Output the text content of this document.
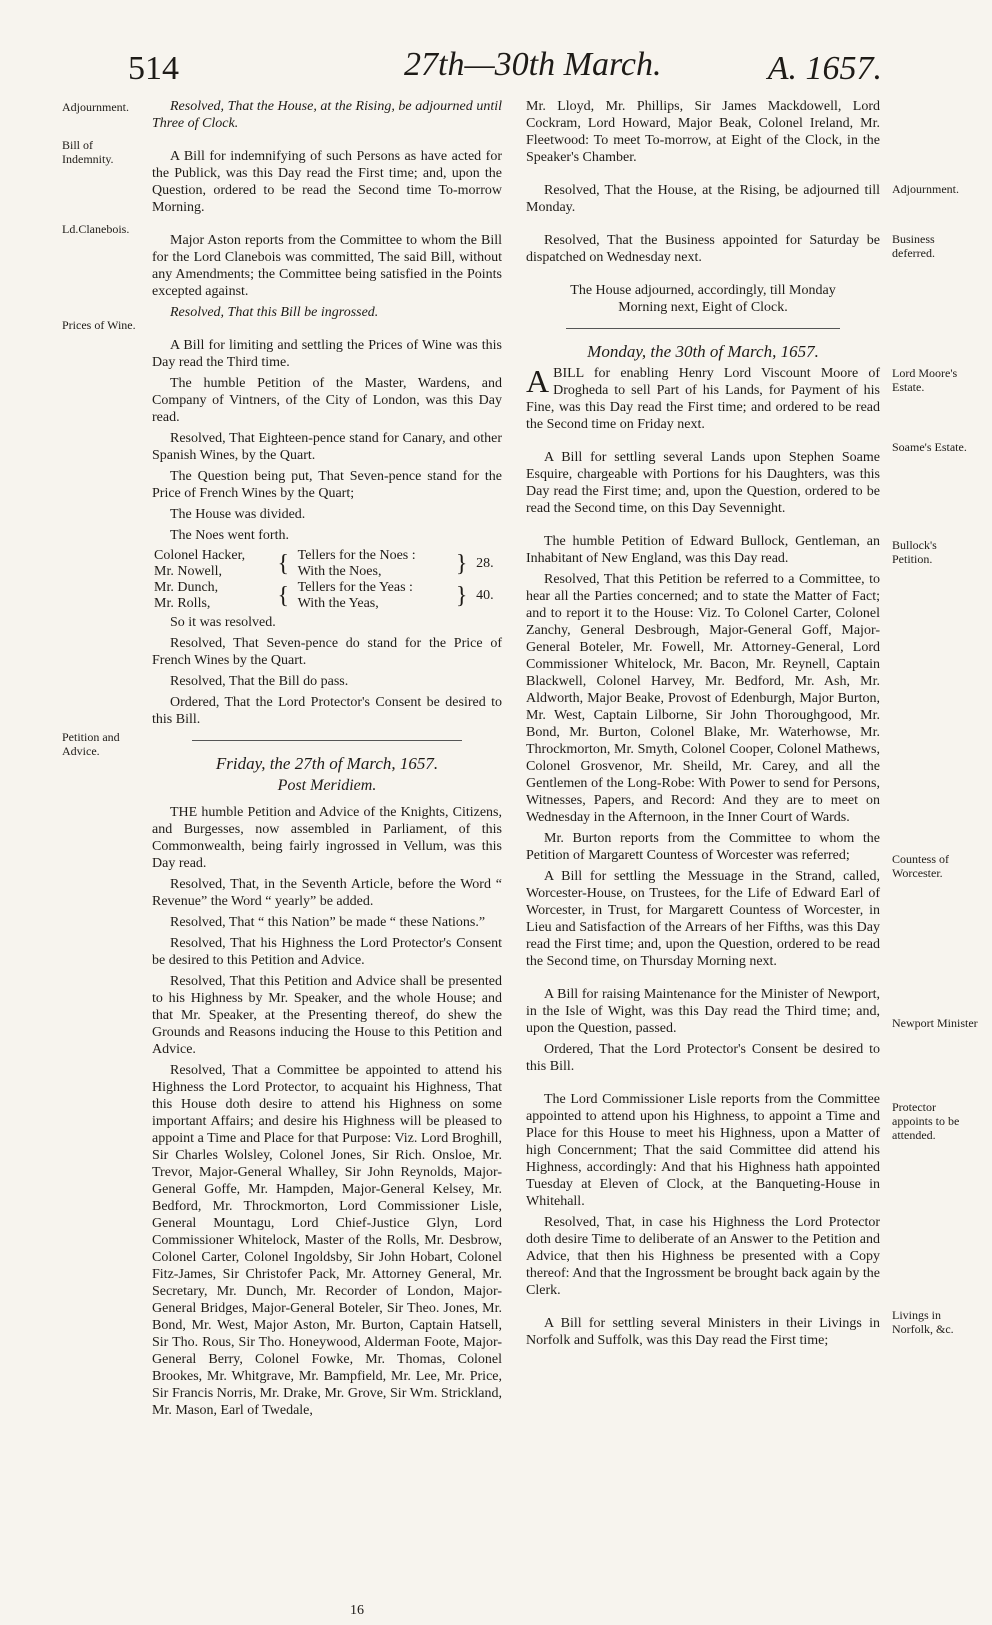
514	27th—30th March.	A. 1657.
Adjournment.
Bill of Indemnity.
Ld.Clanebois.
Prices of Wine.
Petition and Advice.
Adjournment.
Business deferred.
Lord Moore's Estate.
Soame's Estate.
Bullock's Petition.
Countess of Worcester.
Newport Minister
Protector appoints to be attended.
Livings in Norfolk, &c.

Resolved, That the House, at the Rising, be adjourned until Three of Clock.

A Bill for indemnifying of such Persons as have acted for the Publick, was this Day read the First time; and, upon the Question, ordered to be read the Second time To-morrow Morning.

Major Aston reports from the Committee to whom the Bill for the Lord Clanebois was committed, The said Bill, without any Amendments; the Committee being satisfied in the Points excepted against.

Resolved, That this Bill be ingrossed.

A Bill for limiting and settling the Prices of Wine was this Day read the Third time.

The humble Petition of the Master, Wardens, and Company of Vintners, of the City of London, was this Day read.

Resolved, That Eighteen-pence stand for Canary, and other Spanish Wines, by the Quart.

The Question being put, That Seven-pence stand for the Price of French Wines by the Quart;

The House was divided.

The Noes went forth.

Colonel Hacker,	{	Tellers for the Noes :	}	28.
Mr. Nowell,		With the Noes,		
Mr. Dunch,	{	Tellers for the Yeas :	}	40.
Mr. Rolls,		With the Yeas,		

So it was resolved.

Resolved, That Seven-pence do stand for the Price of French Wines by the Quart.

Resolved, That the Bill do pass.

Ordered, That the Lord Protector's Consent be desired to this Bill.

Friday, the 27th of March, 1657.
Post Meridiem.

THE humble Petition and Advice of the Knights, Citizens, and Burgesses, now assembled in Parliament, of this Commonwealth, being fairly ingrossed in Vellum, was this Day read.

Resolved, That, in the Seventh Article, before the Word “ Revenue” the Word “ yearly” be added.

Resolved, That “ this Nation” be made “ these Nations.”

Resolved, That his Highness the Lord Protector's Consent be desired to this Petition and Advice.

Resolved, That this Petition and Advice shall be presented to his Highness by Mr. Speaker, and the whole House; and that Mr. Speaker, at the Presenting thereof, do shew the Grounds and Reasons inducing the House to this Petition and Advice.

Resolved, That a Committee be appointed to attend his Highness the Lord Protector, to acquaint his Highness, That this House doth desire to attend his Highness on some important Affairs; and desire his Highness will be pleased to appoint a Time and Place for that Purpose: Viz. Lord Broghill, Sir Charles Wolsley, Colonel Jones, Sir Rich. Onsloe, Mr. Trevor, Major-General Whalley, Sir John Reynolds, Major-General Goffe, Mr. Hampden, Major-General Kelsey, Mr. Bedford, Mr. Throckmorton, Lord Commissioner Lisle, General Mountagu, Lord Chief-Justice Glyn, Lord Commissioner Whitelock, Master of the Rolls, Mr. Desbrow, Colonel Carter, Colonel Ingoldsby, Sir John Hobart, Colonel Fitz-James, Sir Christofer Pack, Mr. Attorney General, Mr. Secretary, Mr. Dunch, Mr. Recorder of London, Major-General Bridges, Major-General Boteler, Sir Theo. Jones, Mr. Bond, Mr. West, Major Aston, Mr. Burton, Captain Hatsell, Sir Tho. Rous, Sir Tho. Honeywood, Alderman Foote, Major-General Berry, Colonel Fowke, Mr. Thomas, Colonel Brookes, Mr. Whitgrave, Mr. Bampfield, Mr. Lee, Mr. Price, Sir Francis Norris, Mr. Drake, Mr. Grove, Sir Wm. Strickland, Mr. Mason, Earl of Twedale,

Mr. Lloyd, Mr. Phillips, Sir James Mackdowell, Lord Cockram, Lord Howard, Major Beak, Colonel Ireland, Mr. Fleetwood: To meet To-morrow, at Eight of the Clock, in the Speaker's Chamber.

Resolved, That the House, at the Rising, be adjourned till Monday.

Resolved, That the Business appointed for Saturday be dispatched on Wednesday next.

The House adjourned, accordingly, till Monday Morning next, Eight of Clock.

Monday, the 30th of March, 1657.

ABILL for enabling Henry Lord Viscount Moore of Drogheda to sell Part of his Lands, for Payment of his Fine, was this Day read the First time; and ordered to be read the Second time on Friday next.

A Bill for settling several Lands upon Stephen Soame Esquire, chargeable with Portions for his Daughters, was this Day read the First time; and, upon the Question, ordered to be read the Second time, on this Day Sevennight.

The humble Petition of Edward Bullock, Gentleman, an Inhabitant of New England, was this Day read.

Resolved, That this Petition be referred to a Committee, to hear all the Parties concerned; and to state the Matter of Fact; and to report it to the House: Viz. To Colonel Carter, Colonel Zanchy, General Desbrough, Major-General Goff, Major-General Boteler, Mr. Fowell, Mr. Attorney-General, Lord Commissioner Whitelock, Mr. Bacon, Mr. Reynell, Captain Blackwell, Colonel Harvey, Mr. Bedford, Mr. Ash, Mr. Aldworth, Major Beake, Provost of Edenburgh, Major Burton, Mr. West, Captain Lilborne, Sir John Thoroughgood, Mr. Bond, Mr. Burton, Colonel Blake, Mr. Waterhowse, Mr. Throckmorton, Mr. Smyth, Colonel Cooper, Colonel Mathews, Colonel Grosvenor, Mr. Sheild, Mr. Carey, and all the Gentlemen of the Long-Robe: With Power to send for Persons, Witnesses, Papers, and Record: And they are to meet on Wednesday in the Afternoon, in the Inner Court of Wards.

Mr. Burton reports from the Committee to whom the Petition of Margarett Countess of Worcester was referred;

A Bill for settling the Messuage in the Strand, called, Worcester-House, on Trustees, for the Life of Edward Earl of Worcester, in Trust, for Margarett Countess of Worcester, in Lieu and Satisfaction of the Arrears of her Fifths, was this Day read the First time; and, upon the Question, ordered to be read the Second time, on Thursday Morning next.

A Bill for raising Maintenance for the Minister of Newport, in the Isle of Wight, was this Day read the Third time; and, upon the Question, passed.

Ordered, That the Lord Protector's Consent be desired to this Bill.

The Lord Commissioner Lisle reports from the Committee appointed to attend upon his Highness, to appoint a Time and Place for this House to meet his Highness, upon a Matter of high Concernment; That the said Committee did attend his Highness, accordingly: And that his Highness hath appointed Tuesday at Eleven of Clock, at the Banqueting-House in Whitehall.

Resolved, That, in case his Highness the Lord Protector doth desire Time to deliberate of an Answer to the Petition and Advice, that then his Highness be presented with a Copy thereof: And that the Ingrossment be brought back again by the Clerk.

A Bill for settling several Ministers in their Livings in Norfolk and Suffolk, was this Day read the First time;

16
